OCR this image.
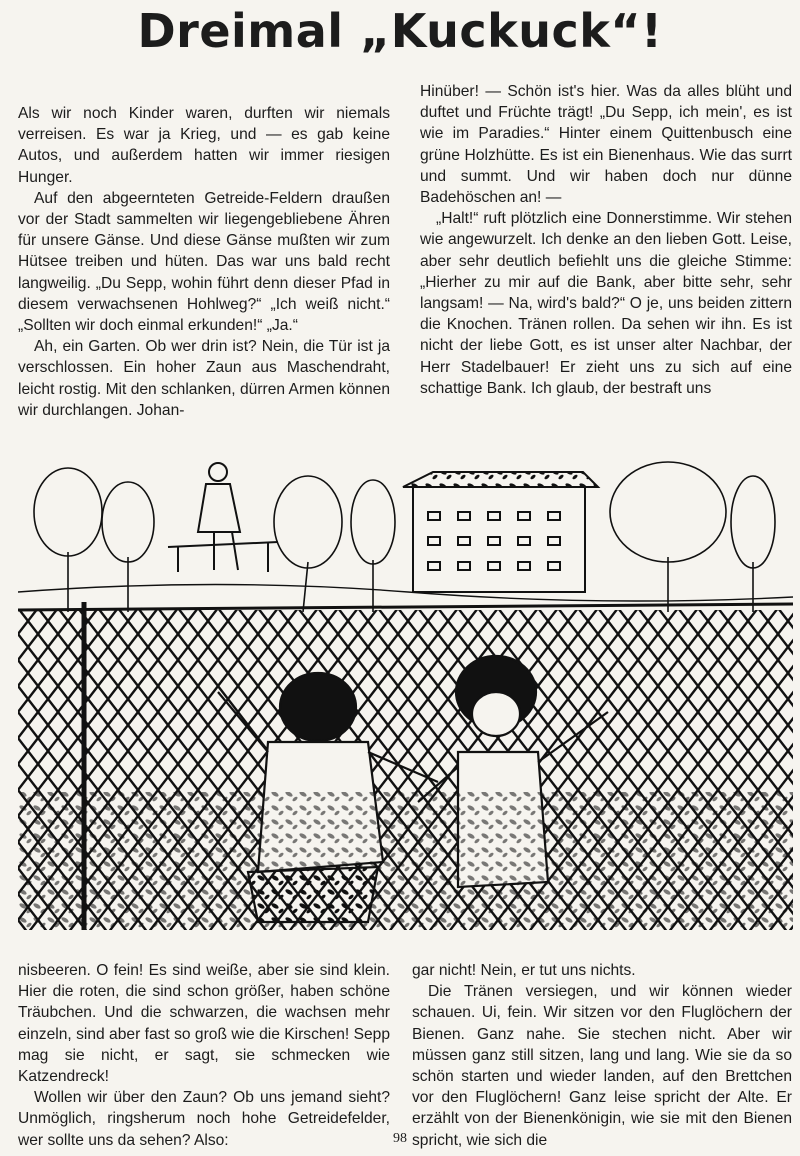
Dreimal „Kuckuck“!

Als wir noch Kinder waren, durften wir niemals verreisen. Es war ja Krieg, und — es gab keine Autos, und außerdem hatten wir immer riesigen Hunger.

Auf den abgeernteten Getreide-Feldern draußen vor der Stadt sammelten wir liegengebliebene Ähren für unsere Gänse. Und diese Gänse mußten wir zum Hütsee treiben und hüten. Das war uns bald recht langweilig. „Du Sepp, wohin führt denn dieser Pfad in diesem verwachsenen Hohlweg?“ „Ich weiß nicht.“ „Sollten wir doch einmal erkunden!“ „Ja.“

Ah, ein Garten. Ob wer drin ist? Nein, die Tür ist ja verschlossen. Ein hoher Zaun aus Maschendraht, leicht rostig. Mit den schlanken, dürren Armen können wir durchlangen. Johan-

Hinüber! — Schön ist's hier. Was da alles blüht und duftet und Früchte trägt! „Du Sepp, ich mein', es ist wie im Paradies.“ Hinter einem Quittenbusch eine grüne Holzhütte. Es ist ein Bienenhaus. Wie das surrt und summt. Und wir haben doch nur dünne Badehöschen an! —

„Halt!“ ruft plötzlich eine Donnerstimme. Wir stehen wie angewurzelt. Ich denke an den lieben Gott. Leise, aber sehr deutlich befiehlt uns die gleiche Stimme: „Hierher zu mir auf die Bank, aber bitte sehr, sehr langsam! — Na, wird's bald?“ O je, uns beiden zittern die Knochen. Tränen rollen. Da sehen wir ihn. Es ist nicht der liebe Gott, es ist unser alter Nachbar, der Herr Stadelbauer! Er zieht uns zu sich auf eine schattige Bank. Ich glaub, der bestraft uns

nisbeeren. O fein! Es sind weiße, aber sie sind klein. Hier die roten, die sind schon größer, haben schöne Träubchen. Und die schwarzen, die wachsen mehr einzeln, sind aber fast so groß wie die Kirschen! Sepp mag sie nicht, er sagt, sie schmecken wie Katzendreck!

Wollen wir über den Zaun? Ob uns jemand sieht? Unmöglich, ringsherum noch hohe Getreidefelder, wer sollte uns da sehen? Also:

gar nicht! Nein, er tut uns nichts.

Die Tränen versiegen, und wir können wieder schauen. Ui, fein. Wir sitzen vor den Fluglöchern der Bienen. Ganz nahe. Sie stechen nicht. Aber wir müssen ganz still sitzen, lang und lang. Wie sie da so schön starten und wieder landen, auf den Brettchen vor den Fluglöchern! Ganz leise spricht der Alte. Er erzählt von der Bienenkönigin, wie sie mit den Bienen spricht, wie sich die

98
